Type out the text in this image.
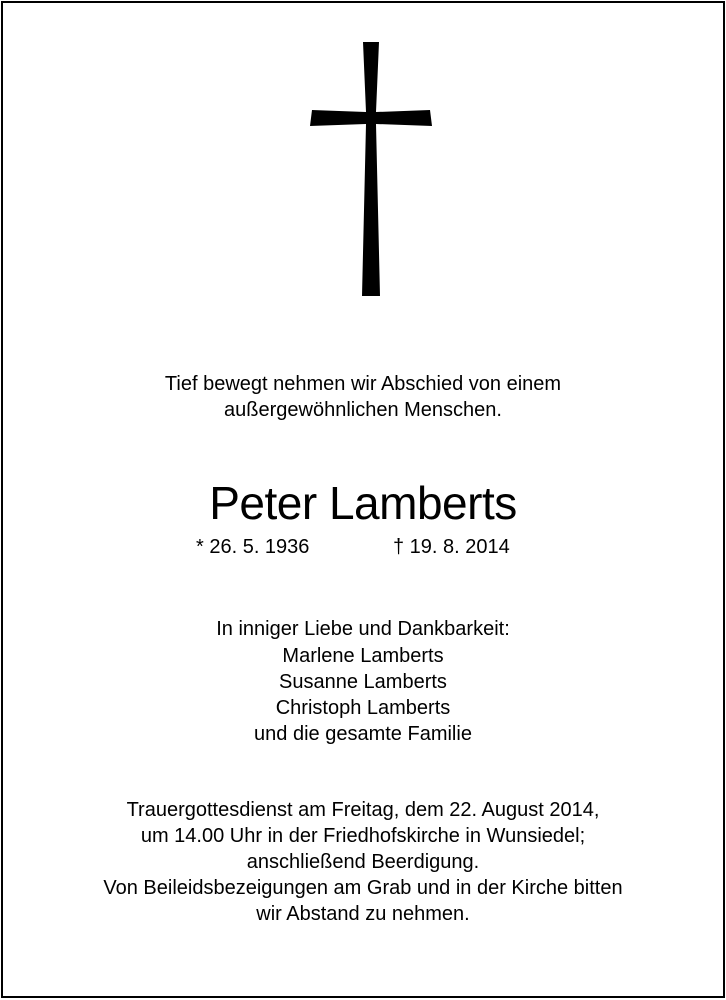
Tief bewegt nehmen wir Abschied von einem
außergewöhnlichen Menschen.
Peter Lamberts
* 26. 5. 1936	† 19. 8. 2014
In inniger Liebe und Dankbarkeit:
Marlene Lamberts
Susanne Lamberts
Christoph Lamberts
und die gesamte Familie
Trauergottesdienst am Freitag, dem 22. August 2014,
um 14.00 Uhr in der Friedhofskirche in Wunsiedel;
anschließend Beerdigung.
Von Beileidsbezeigungen am Grab und in der Kirche bitten
wir Abstand zu nehmen.
